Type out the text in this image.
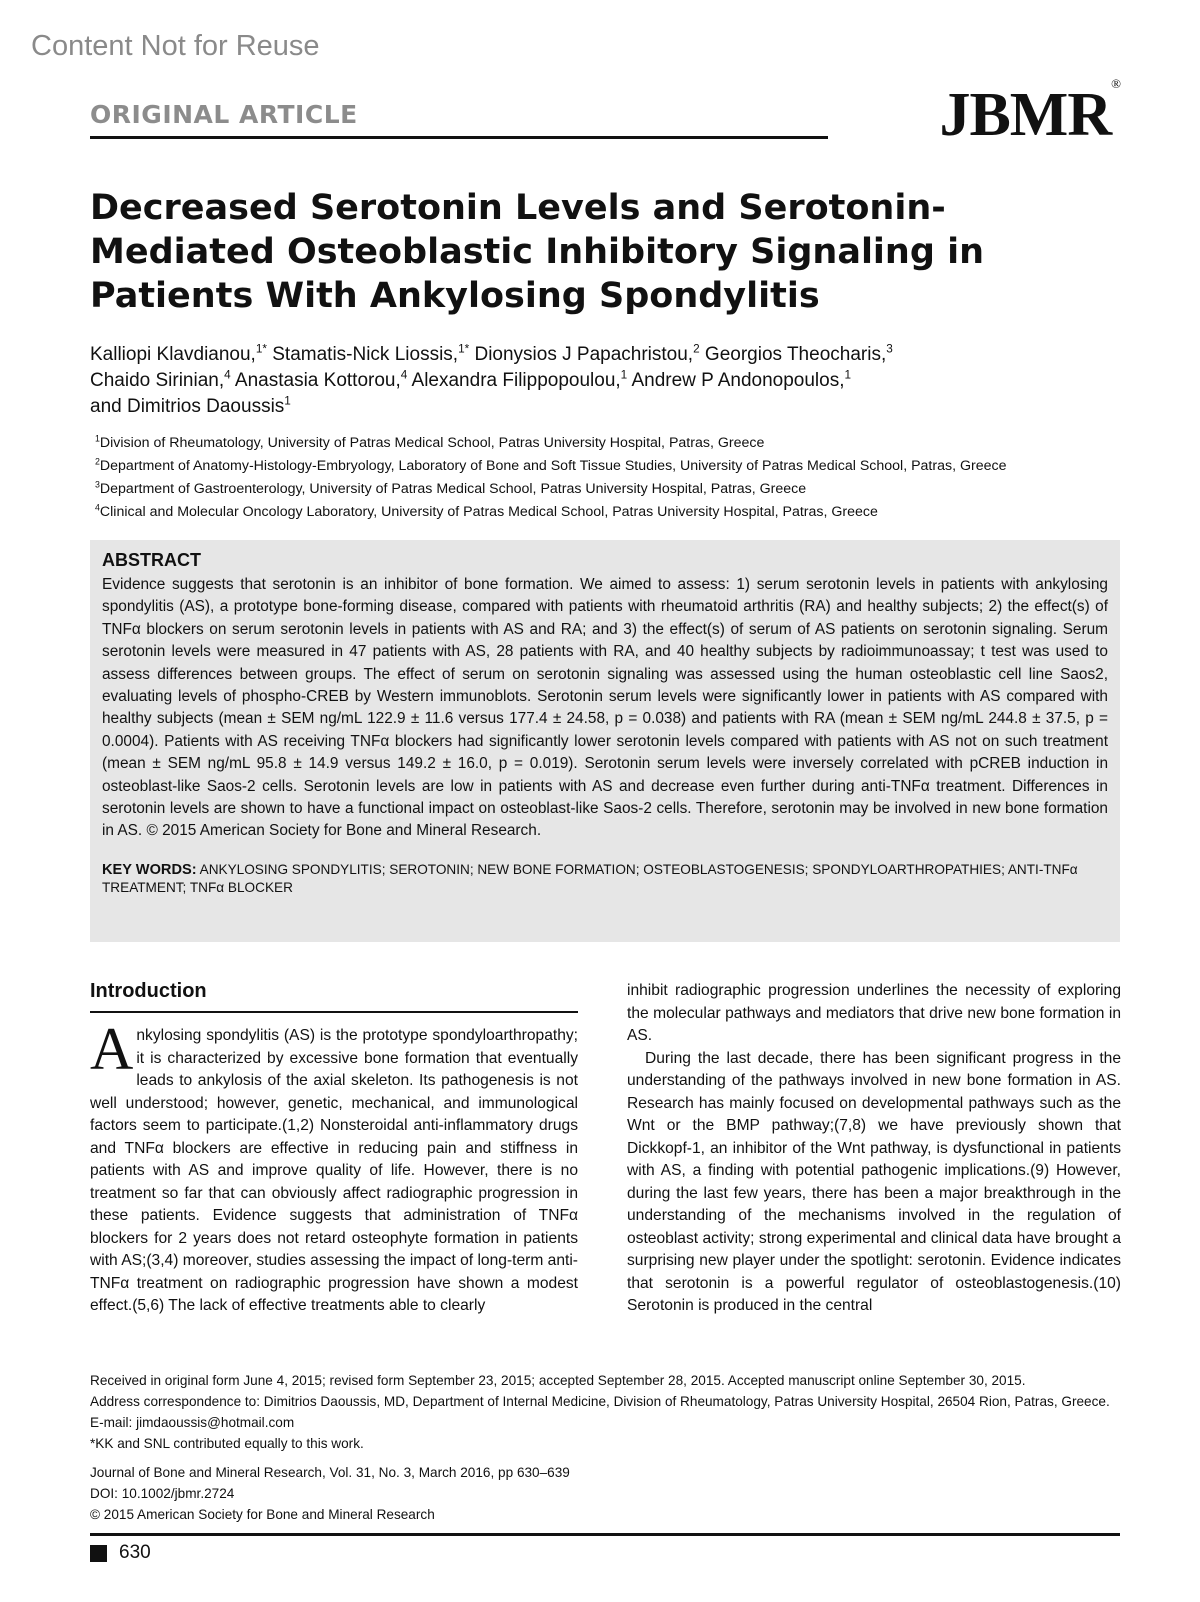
Content Not for Reuse
ORIGINAL ARTICLE	JBMR®
Decreased Serotonin Levels and Serotonin-Mediated Osteoblastic Inhibitory Signaling in Patients With Ankylosing Spondylitis

Kalliopi Klavdianou,$^{1*}$ Stamatis-Nick Liossis,$^{1*}$ Dionysios J Papachristou,$^2$ Georgios Theocharis,$^3$
Chaido Sirinian,$^4$ Anastasia Kottorou,$^4$ Alexandra Filippopoulou,$^1$ Andrew P Andonopoulos,$^1$
and Dimitrios Daoussis$^1$

$^1$Division of Rheumatology, University of Patras Medical School, Patras University Hospital, Patras, Greece
$^2$Department of Anatomy-Histology-Embryology, Laboratory of Bone and Soft Tissue Studies, University of Patras Medical School, Patras, Greece
$^3$Department of Gastroenterology, University of Patras Medical School, Patras University Hospital, Patras, Greece
$^4$Clinical and Molecular Oncology Laboratory, University of Patras Medical School, Patras University Hospital, Patras, Greece
ABSTRACT

Evidence suggests that serotonin is an inhibitor of bone formation. We aimed to assess: 1) serum serotonin levels in patients with ankylosing spondylitis (AS), a prototype bone-forming disease, compared with patients with rheumatoid arthritis (RA) and healthy subjects; 2) the effect(s) of TNFα blockers on serum serotonin levels in patients with AS and RA; and 3) the effect(s) of serum of AS patients on serotonin signaling. Serum serotonin levels were measured in 47 patients with AS, 28 patients with RA, and 40 healthy subjects by radioimmunoassay; t test was used to assess differences between groups. The effect of serum on serotonin signaling was assessed using the human osteoblastic cell line Saos2, evaluating levels of phospho-CREB by Western immunoblots. Serotonin serum levels were significantly lower in patients with AS compared with healthy subjects (mean ± SEM ng/mL 122.9 ± 11.6 versus 177.4 ± 24.58, p = 0.038) and patients with RA (mean ± SEM ng/mL 244.8 ± 37.5, p = 0.0004). Patients with AS receiving TNFα blockers had significantly lower serotonin levels compared with patients with AS not on such treatment (mean ± SEM ng/mL 95.8 ± 14.9 versus 149.2 ± 16.0, p = 0.019). Serotonin serum levels were inversely correlated with pCREB induction in osteoblast-like Saos-2 cells. Serotonin levels are low in patients with AS and decrease even further during anti-TNFα treatment. Differences in serotonin levels are shown to have a functional impact on osteoblast-like Saos-2 cells. Therefore, serotonin may be involved in new bone formation in AS. © 2015 American Society for Bone and Mineral Research.

KEY WORDS: ANKYLOSING SPONDYLITIS; SEROTONIN; NEW BONE FORMATION; OSTEOBLASTOGENESIS; SPONDYLOARTHROPATHIES; ANTI-TNFα TREATMENT; TNFα BLOCKER
Introduction

Ankylosing spondylitis (AS) is the prototype spondyloarthropathy; it is characterized by excessive bone formation that eventually leads to ankylosis of the axial skeleton. Its pathogenesis is not well understood; however, genetic, mechanical, and immunological factors seem to participate.(1,2) Nonsteroidal anti-inflammatory drugs and TNFα blockers are effective in reducing pain and stiffness in patients with AS and improve quality of life. However, there is no treatment so far that can obviously affect radiographic progression in these patients. Evidence suggests that administration of TNFα blockers for 2 years does not retard osteophyte formation in patients with AS;(3,4) moreover, studies assessing the impact of long-term anti-TNFα treatment on radiographic progression have shown a modest effect.(5,6) The lack of effective treatments able to clearly

inhibit radiographic progression underlines the necessity of exploring the molecular pathways and mediators that drive new bone formation in AS.

During the last decade, there has been significant progress in the understanding of the pathways involved in new bone formation in AS. Research has mainly focused on developmental pathways such as the Wnt or the BMP pathway;(7,8) we have previously shown that Dickkopf-1, an inhibitor of the Wnt pathway, is dysfunctional in patients with AS, a finding with potential pathogenic implications.(9) However, during the last few years, there has been a major breakthrough in the understanding of the mechanisms involved in the regulation of osteoblast activity; strong experimental and clinical data have brought a surprising new player under the spotlight: serotonin. Evidence indicates that serotonin is a powerful regulator of osteoblastogenesis.(10) Serotonin is produced in the central

Received in original form June 4, 2015; revised form September 23, 2015; accepted September 28, 2015. Accepted manuscript online September 30, 2015.
Address correspondence to: Dimitrios Daoussis, MD, Department of Internal Medicine, Division of Rheumatology, Patras University Hospital, 26504 Rion, Patras, Greece. E-mail: jimdaoussis@hotmail.com
*KK and SNL contributed equally to this work.
Journal of Bone and Mineral Research, Vol. 31, No. 3, March 2016, pp 630–639
DOI: 10.1002/jbmr.2724
© 2015 American Society for Bone and Mineral Research
630
